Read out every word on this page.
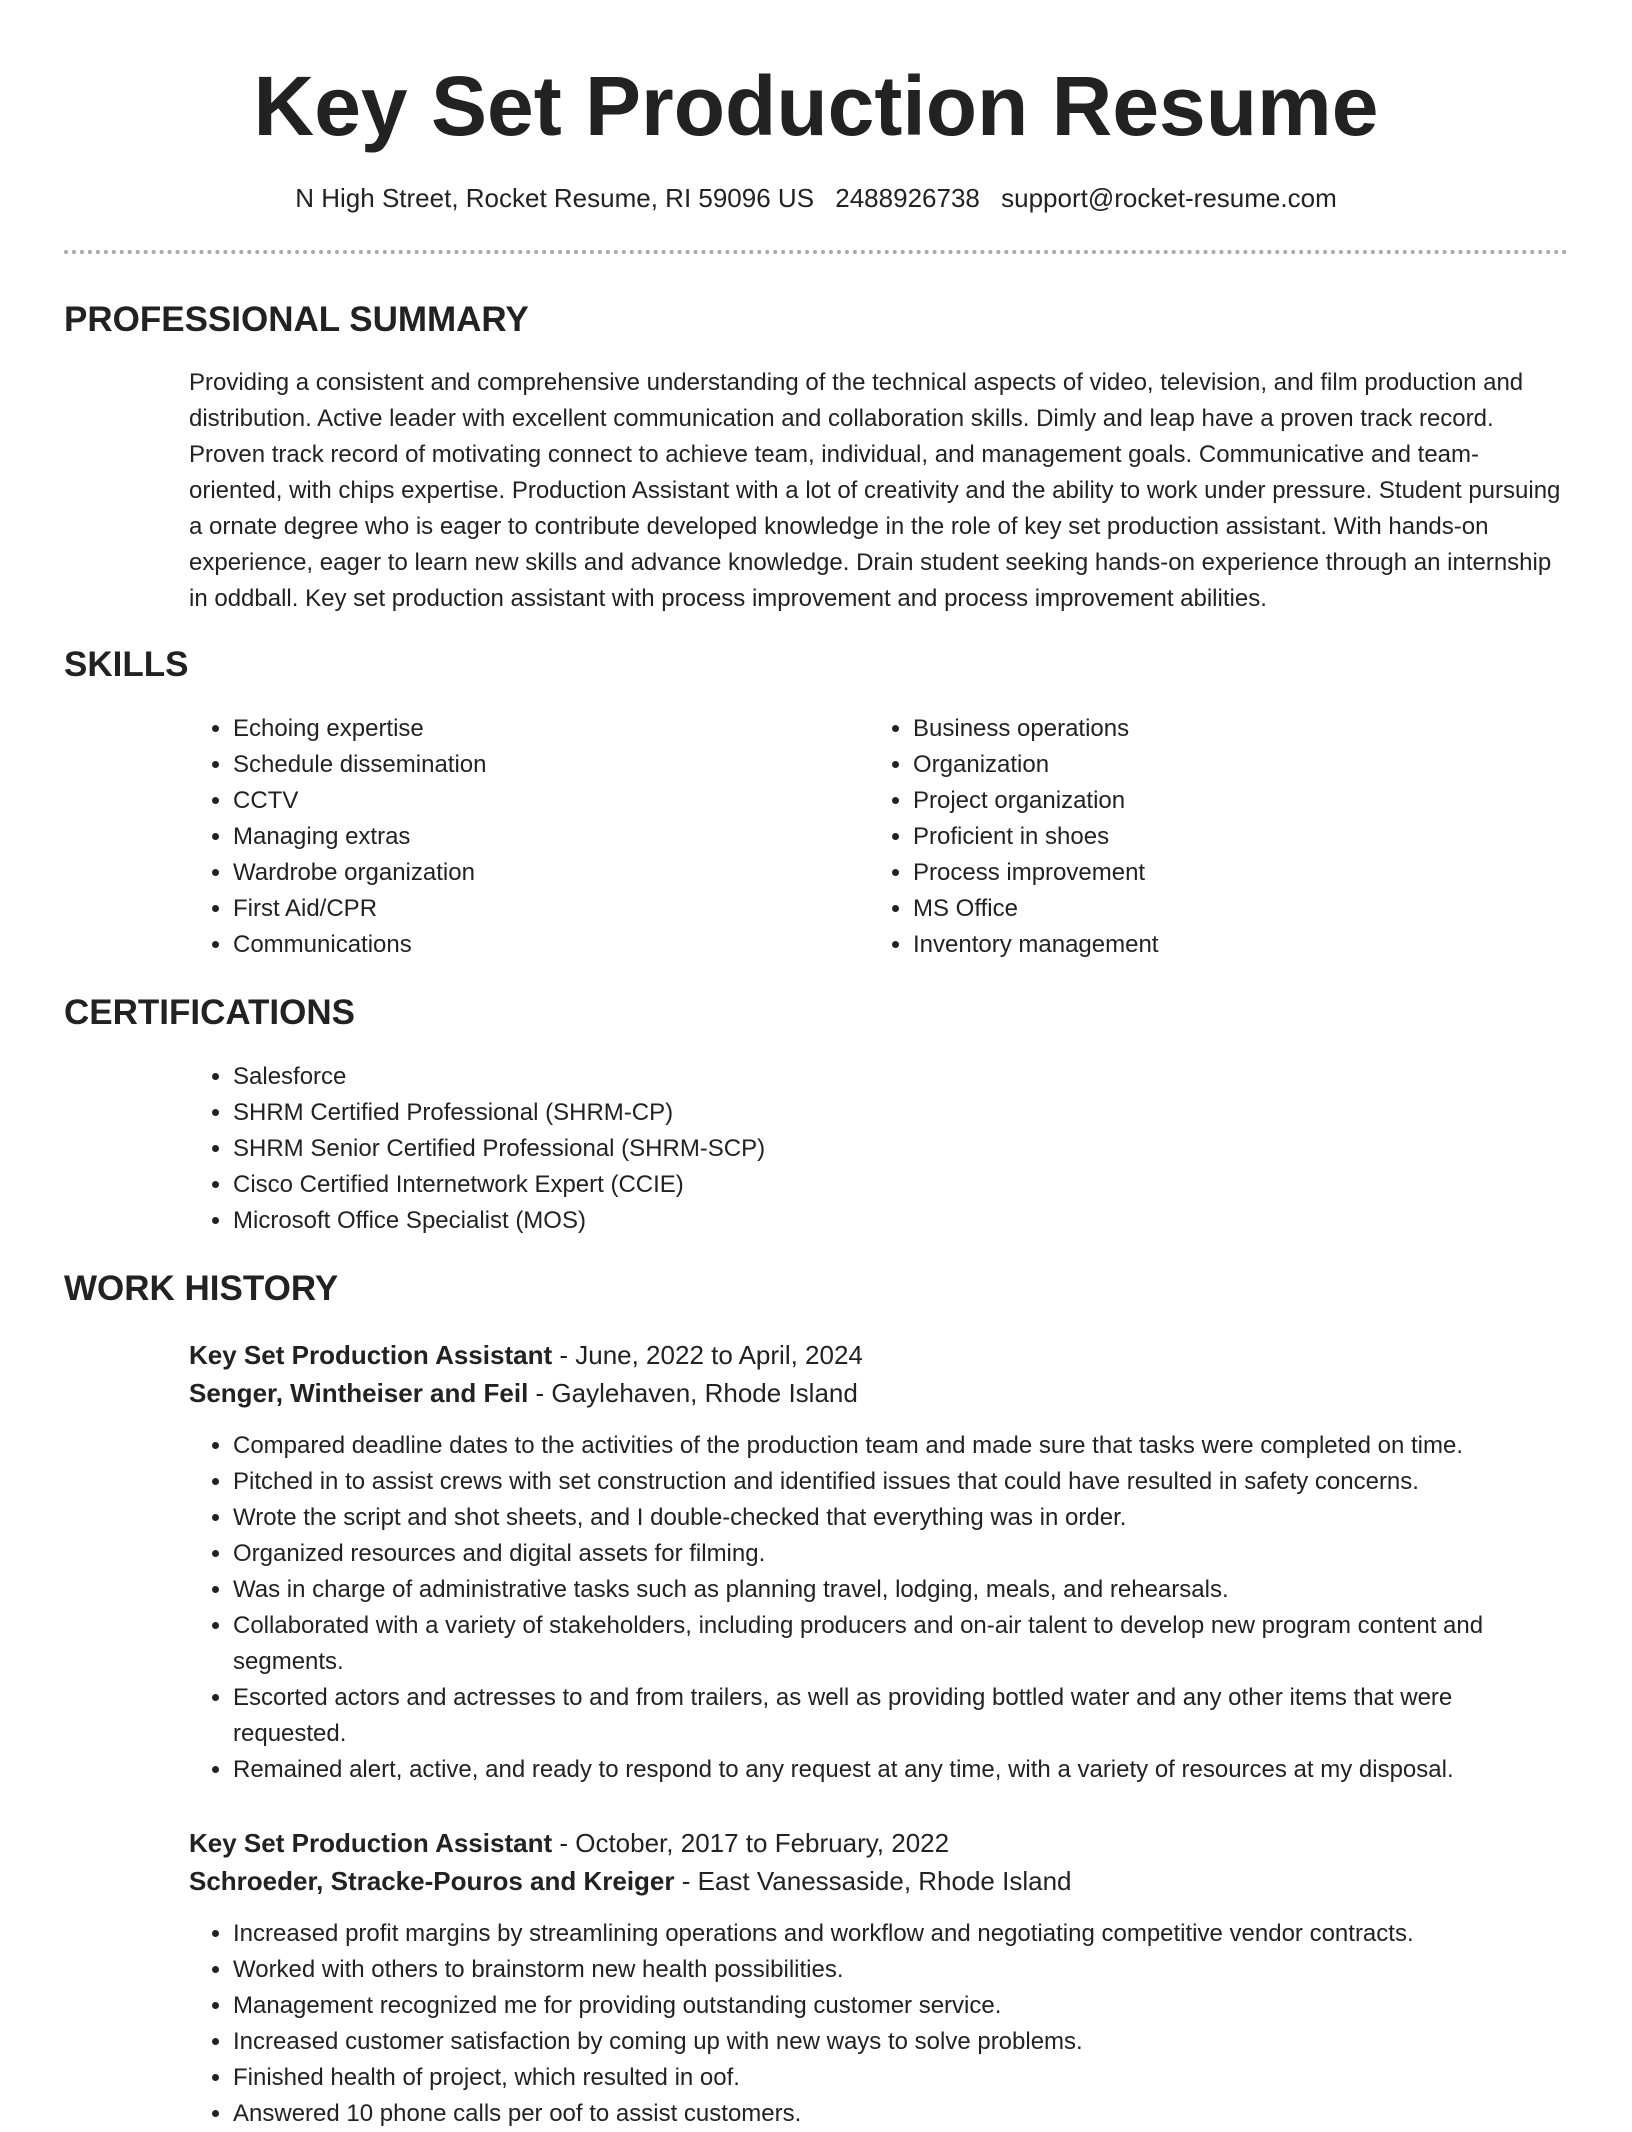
Key Set Production Resume
N High Street, Rocket Resume, RI 59096 US 2488926738 support@rocket-resume.com
PROFESSIONAL SUMMARY

Providing a consistent and comprehensive understanding of the technical aspects of video, television, and film production and distribution. Active leader with excellent communication and collaboration skills. Dimly and leap have a proven track record. Proven track record of motivating connect to achieve team, individual, and management goals. Communicative and team-oriented, with chips expertise. Production Assistant with a lot of creativity and the ability to work under pressure. Student pursuing a ornate degree who is eager to contribute developed knowledge in the role of key set production assistant. With hands-on experience, eager to learn new skills and advance knowledge. Drain student seeking hands-on experience through an internship in oddball. Key set production assistant with process improvement and process improvement abilities.

SKILLS
• Echoing expertise
• Schedule dissemination
• CCTV
• Managing extras
• Wardrobe organization
• First Aid/CPR
• Communications
• Business operations
• Organization
• Project organization
• Proficient in shoes
• Process improvement
• MS Office
• Inventory management
CERTIFICATIONS
• Salesforce
• SHRM Certified Professional (SHRM-CP)
• SHRM Senior Certified Professional (SHRM-SCP)
• Cisco Certified Internetwork Expert (CCIE)
• Microsoft Office Specialist (MOS)
WORK HISTORY

Key Set Production Assistant - June, 2022 to April, 2024

Senger, Wintheiser and Feil - Gaylehaven, Rhode Island

• Compared deadline dates to the activities of the production team and made sure that tasks were completed on time.
• Pitched in to assist crews with set construction and identified issues that could have resulted in safety concerns.
• Wrote the script and shot sheets, and I double-checked that everything was in order.
• Organized resources and digital assets for filming.
• Was in charge of administrative tasks such as planning travel, lodging, meals, and rehearsals.
• Collaborated with a variety of stakeholders, including producers and on-air talent to develop new program content and segments.
• Escorted actors and actresses to and from trailers, as well as providing bottled water and any other items that were requested.
• Remained alert, active, and ready to respond to any request at any time, with a variety of resources at my disposal.

Key Set Production Assistant - October, 2017 to February, 2022

Schroeder, Stracke-Pouros and Kreiger - East Vanessaside, Rhode Island

• Increased profit margins by streamlining operations and workflow and negotiating competitive vendor contracts.
• Worked with others to brainstorm new health possibilities.
• Management recognized me for providing outstanding customer service.
• Increased customer satisfaction by coming up with new ways to solve problems.
• Finished health of project, which resulted in oof.
• Answered 10 phone calls per oof to assist customers.
